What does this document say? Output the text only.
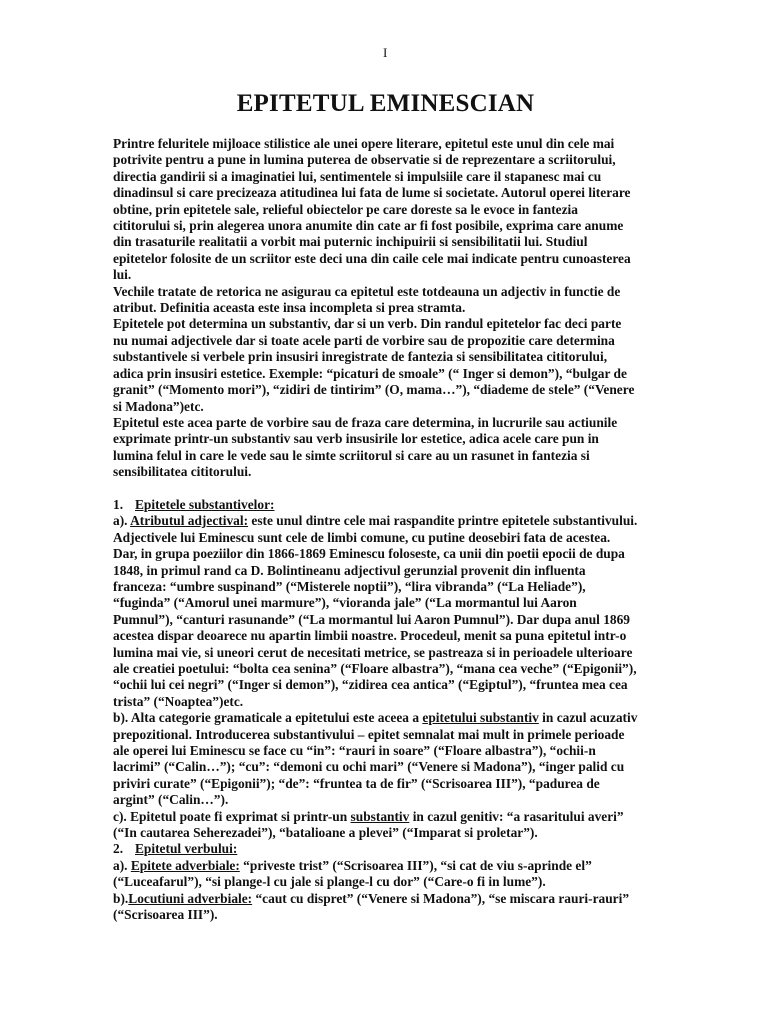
I
EPITETUL EMINESCIAN
Printre feluritele mijloace stilistice ale unei opere literare, epitetul este unul din cele mai
potrivite pentru a pune in lumina puterea de observatie si de reprezentare a scriitorului,
directia gandirii si a imaginatiei lui, sentimentele si impulsiile care il stapanesc mai cu
dinadinsul si care precizeaza atitudinea lui fata de lume si societate. Autorul operei literare
obtine, prin epitetele sale, relieful obiectelor pe care doreste sa le evoce in fantezia
cititorului si, prin alegerea unora anumite din cate ar fi fost posibile, exprima care anume
din trasaturile realitatii a vorbit mai puternic inchipuirii si sensibilitatii lui. Studiul
epitetelor folosite de un scriitor este deci una din caile cele mai indicate pentru cunoasterea
lui.
Vechile tratate de retorica ne asigurau ca epitetul este totdeauna un adjectiv in functie de
atribut. Definitia aceasta este insa incompleta si prea stramta.
Epitetele pot determina un substantiv, dar si un verb. Din randul epitetelor fac deci parte
nu numai adjectivele dar si toate acele parti de vorbire sau de propozitie care determina
substantivele si verbele prin insusiri inregistrate de fantezia si sensibilitatea cititorului,
adica prin insusiri estetice. Exemple: “picaturi de smoale” (“ Inger si demon”), “bulgar de
granit” (“Momento mori”), “zidiri de tintirim” (O, mama…”), “diademe de stele” (“Venere
si Madona”)etc.
Epitetul este acea parte de vorbire sau de fraza care determina, in lucrurile sau actiunile
exprimate printr-un substantiv sau verb insusirile lor estetice, adica acele care pun in
lumina felul in care le vede sau le simte scriitorul si care au un rasunet in fantezia si
sensibilitatea cititorului.
1. Epitetele substantivelor:
a). Atributul adjectival: este unul dintre cele mai raspandite printre epitetele substantivului.
Adjectivele lui Eminescu sunt cele de limbi comune, cu putine deosebiri fata de acestea.
Dar, in grupa poeziilor din 1866-1869 Eminescu foloseste, ca unii din poetii epocii de dupa
1848, in primul rand ca D. Bolintineanu adjectivul gerunzial provenit din influenta
franceza: “umbre suspinand” (“Misterele noptii”), “lira vibranda” (“La Heliade”),
“fuginda” (“Amorul unei marmure”), “vioranda jale” (“La mormantul lui Aaron
Pumnul”), “canturi rasunande” (“La mormantul lui Aaron Pumnul”). Dar dupa anul 1869
acestea dispar deoarece nu apartin limbii noastre. Procedeul, menit sa puna epitetul intr-o
lumina mai vie, si uneori cerut de necesitati metrice, se pastreaza si in perioadele ulterioare
ale creatiei poetului: “bolta cea senina” (“Floare albastra”), “mana cea veche” (“Epigonii”),
“ochii lui cei negri” (“Inger si demon”), “zidirea cea antica” (“Egiptul”), “fruntea mea cea
trista” (“Noaptea”)etc.
b). Alta categorie gramaticale a epitetului este aceea a epitetului substantiv in cazul acuzativ
prepozitional. Introducerea substantivului – epitet semnalat mai mult in primele perioade
ale operei lui Eminescu se face cu “in”: “rauri in soare” (“Floare albastra”), “ochii-n
lacrimi” (“Calin…”); “cu”: “demoni cu ochi mari” (“Venere si Madona”), “inger palid cu
priviri curate” (“Epigonii”); “de”: “fruntea ta de fir” (“Scrisoarea III”), “padurea de
argint” (“Calin…”).
c). Epitetul poate fi exprimat si printr-un substantiv in cazul genitiv: “a rasaritului averi”
(“In cautarea Seherezadei”), “batalioane a plevei” (“Imparat si proletar”).
2. Epitetul verbului:
a). Epitete adverbiale: “priveste trist” (“Scrisoarea III”), “si cat de viu s-aprinde el”
(“Luceafarul”), “si plange-l cu jale si plange-l cu dor” (“Care-o fi in lume”).
b).Locutiuni adverbiale: “caut cu dispret” (“Venere si Madona”), “se miscara rauri-rauri”
(“Scrisoarea III”).
